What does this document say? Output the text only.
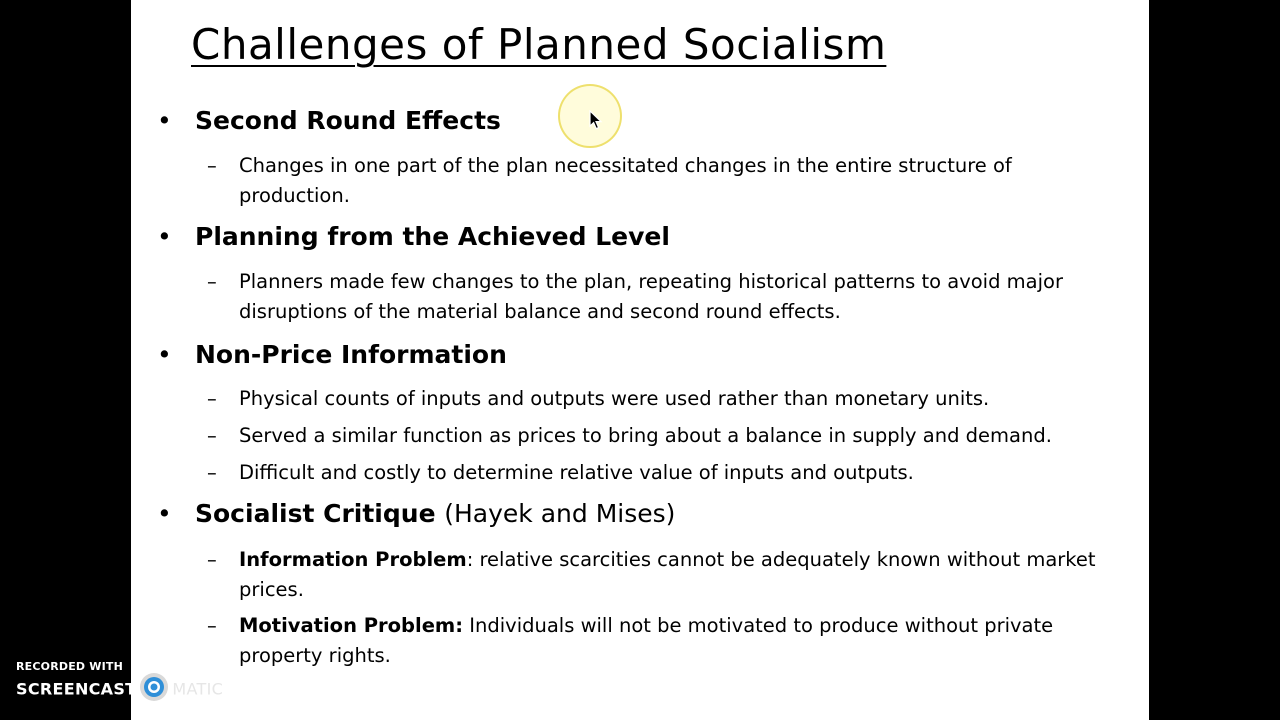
Challenges of Planned Socialism

• Second Round Effects

– Changes in one part of the plan necessitated changes in the entire structure of production.

• Planning from the Achieved Level

– Planners made few changes to the plan, repeating historical patterns to avoid major disruptions of the material balance and second round effects.

• Non-Price Information

– Physical counts of inputs and outputs were used rather than monetary units.

– Served a similar function as prices to bring about a balance in supply and demand.

– Difficult and costly to determine relative value of inputs and outputs.

• Socialist Critique (Hayek and Mises)

– Information Problem: relative scarcities cannot be adequately known without market prices.

– Motivation Problem: Individuals will not be motivated to produce without private property rights.

RECORDED WITH
SCREENCAST MATIC
